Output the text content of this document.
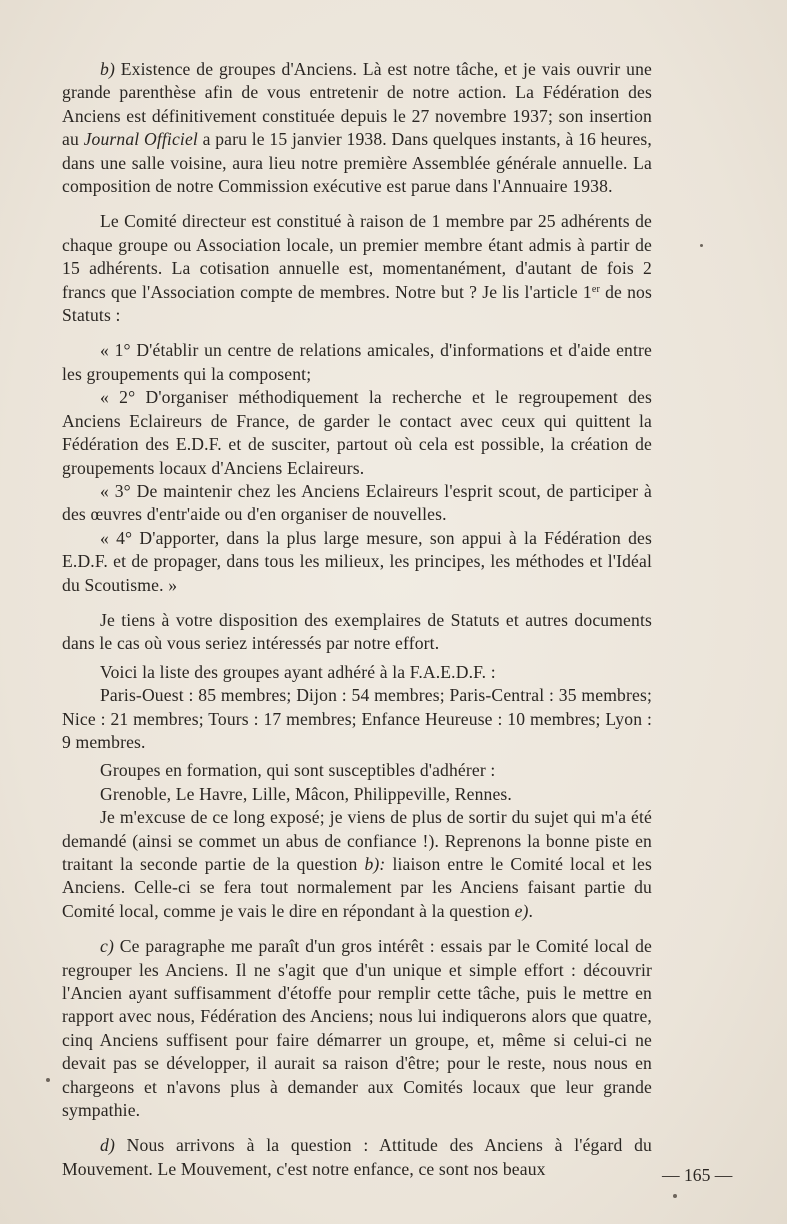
b) Existence de groupes d'Anciens. Là est notre tâche, et je vais ouvrir une grande parenthèse afin de vous entretenir de notre action. La Fédération des Anciens est définitivement constituée depuis le 27 novembre 1937; son insertion au Journal Officiel a paru le 15 janvier 1938. Dans quelques instants, à 16 heures, dans une salle voisine, aura lieu notre première Assemblée générale annuelle. La composition de notre Commission exécutive est parue dans l'Annuaire 1938.

Le Comité directeur est constitué à raison de 1 membre par 25 adhérents de chaque groupe ou Association locale, un premier membre étant admis à partir de 15 adhérents. La cotisation annuelle est, momentanément, d'autant de fois 2 francs que l'Association compte de membres. Notre but ? Je lis l'article 1er de nos Statuts :

« 1° D'établir un centre de relations amicales, d'informations et d'aide entre les groupements qui la composent;

« 2° D'organiser méthodiquement la recherche et le regroupement des Anciens Eclaireurs de France, de garder le contact avec ceux qui quittent la Fédération des E.D.F. et de susciter, partout où cela est possible, la création de groupements locaux d'Anciens Eclaireurs.

« 3° De maintenir chez les Anciens Eclaireurs l'esprit scout, de participer à des œuvres d'entr'aide ou d'en organiser de nouvelles.

« 4° D'apporter, dans la plus large mesure, son appui à la Fédération des E.D.F. et de propager, dans tous les milieux, les principes, les méthodes et l'Idéal du Scoutisme. »

Je tiens à votre disposition des exemplaires de Statuts et autres documents dans le cas où vous seriez intéressés par notre effort.

Voici la liste des groupes ayant adhéré à la F.A.E.D.F. :

Paris-Ouest : 85 membres; Dijon : 54 membres; Paris-Central : 35 membres; Nice : 21 membres; Tours : 17 membres; Enfance Heureuse : 10 membres; Lyon : 9 membres.

Groupes en formation, qui sont susceptibles d'adhérer :

Grenoble, Le Havre, Lille, Mâcon, Philippeville, Rennes.

Je m'excuse de ce long exposé; je viens de plus de sortir du sujet qui m'a été demandé (ainsi se commet un abus de confiance !). Reprenons la bonne piste en traitant la seconde partie de la question b): liaison entre le Comité local et les Anciens. Celle-ci se fera tout normalement par les Anciens faisant partie du Comité local, comme je vais le dire en répondant à la question e).

c) Ce paragraphe me paraît d'un gros intérêt : essais par le Comité local de regrouper les Anciens. Il ne s'agit que d'un unique et simple effort : découvrir l'Ancien ayant suffisamment d'étoffe pour remplir cette tâche, puis le mettre en rapport avec nous, Fédération des Anciens; nous lui indiquerons alors que quatre, cinq Anciens suffisent pour faire démarrer un groupe, et, même si celui-ci ne devait pas se développer, il aurait sa raison d'être; pour le reste, nous nous en chargeons et n'avons plus à demander aux Comités locaux que leur grande sympathie.

d) Nous arrivons à la question : Attitude des Anciens à l'égard du Mouvement. Le Mouvement, c'est notre enfance, ce sont nos beaux	— 165 —
